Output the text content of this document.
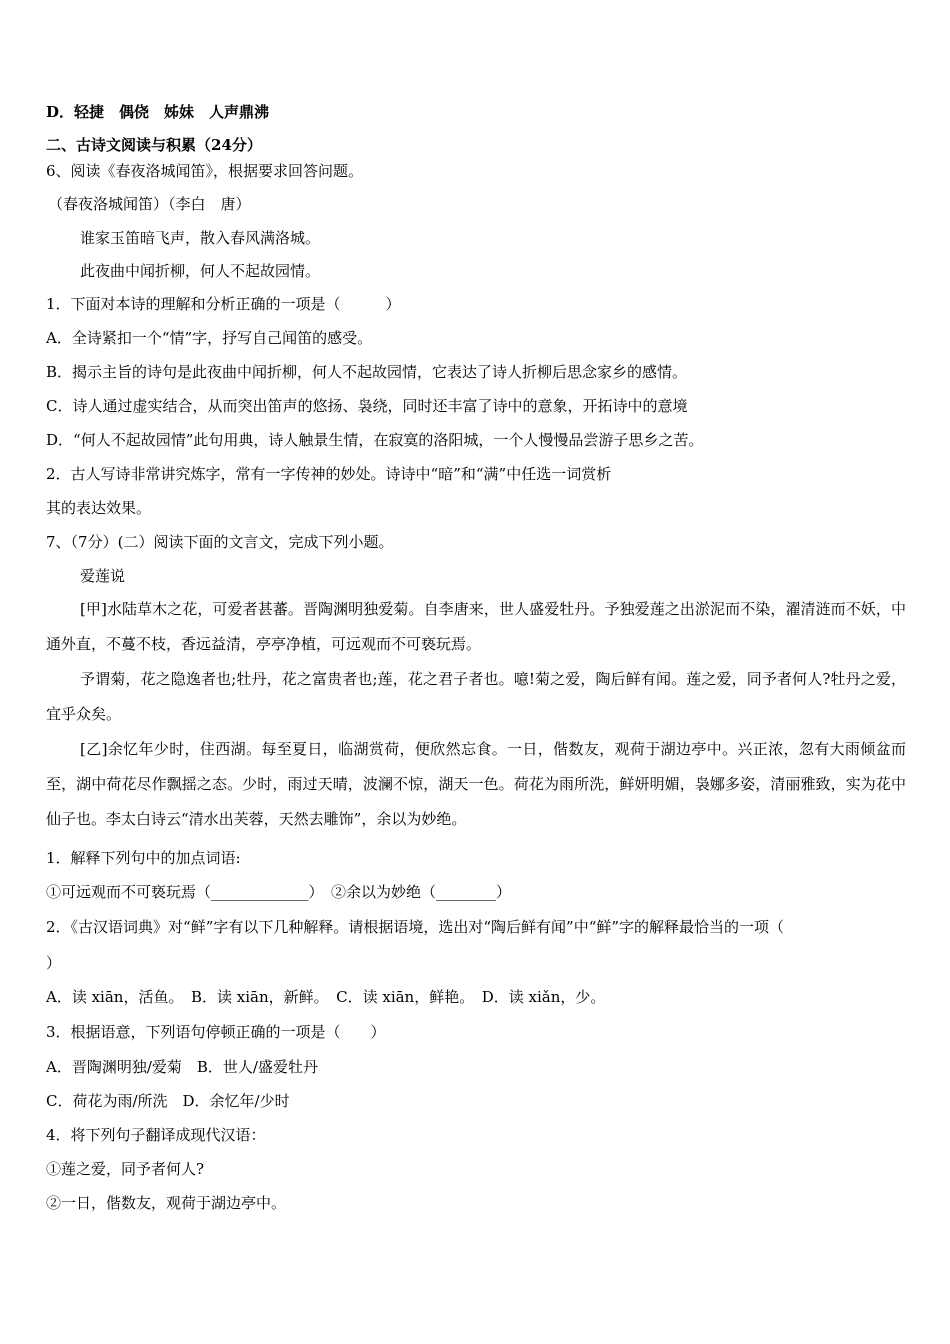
D．轻捷　偶侥　姊妹　人声鼎沸
二、古诗文阅读与积累（24分）
6、阅读《春夜洛城闻笛》，根据要求回答问题。
（春夜洛城闻笛）（李白　唐）
谁家玉笛暗飞声，散入春风满洛城。
此夜曲中闻折柳，何人不起故园情。
1．下面对本诗的理解和分析正确的一项是（　　　）
A．全诗紧扣一个“情”字，抒写自己闻笛的感受。
B．揭示主旨的诗句是此夜曲中闻折柳，何人不起故园情，它表达了诗人折柳后思念家乡的感情。
C．诗人通过虚实结合，从而突出笛声的悠扬、袅绕，同时还丰富了诗中的意象，开拓诗中的意境
D．“何人不起故园情”此句用典，诗人触景生情，在寂寞的洛阳城，一个人慢慢品尝游子思乡之苦。
2．古人写诗非常讲究炼字，常有一字传神的妙处。诗诗中“暗”和“满”中任选一词赏析
其的表达效果。
7、（7分）(二）阅读下面的文言文，完成下列小题。
爱莲说
[甲]水陆草木之花，可爱者甚蕃。晋陶渊明独爱菊。自李唐来，世人盛爱牡丹。予独爱莲之出淤泥而不染，濯清涟而不妖，中通外直，不蔓不枝，香远益清，亭亭净植，可远观而不可亵玩焉。
予谓菊，花之隐逸者也;牡丹，花之富贵者也;莲，花之君子者也。噫!菊之爱，陶后鲜有闻。莲之爱，同予者何人?牡丹之爱，宜乎众矣。
[乙]余忆年少时，住西湖。每至夏日，临湖赏荷，便欣然忘食。一日，偕数友，观荷于湖边亭中。兴正浓，忽有大雨倾盆而至，湖中荷花尽作飘摇之态。少时，雨过天晴，波澜不惊，湖天一色。荷花为雨所洗，鲜妍明媚，袅娜多姿，清丽雅致，实为花中仙子也。李太白诗云“清水出芙蓉，天然去雕饰”，余以为妙绝。
1．解释下列句中的加点词语:
①可远观而不可亵玩焉（_____________）　②余以为妙绝（________）
2．《古汉语词典》对“鲜”字有以下几种解释。请根据语境，选出对“陶后鲜有闻”中“鲜”字的解释最恰当的一项（
）
A．读 xiān，活鱼。　B．读 xiān，新鲜。　C．读 xiān，鲜艳。　D．读 xiǎn，少。
3．根据语意，下列语句停顿正确的一项是（　　）
A．晋陶渊明独/爱菊　B．世人/盛爱牡丹
C．荷花为雨/所洗　D．余忆年/少时
4．将下列句子翻译成现代汉语：
①莲之爱，同予者何人?
②一日，偕数友，观荷于湖边亭中。
